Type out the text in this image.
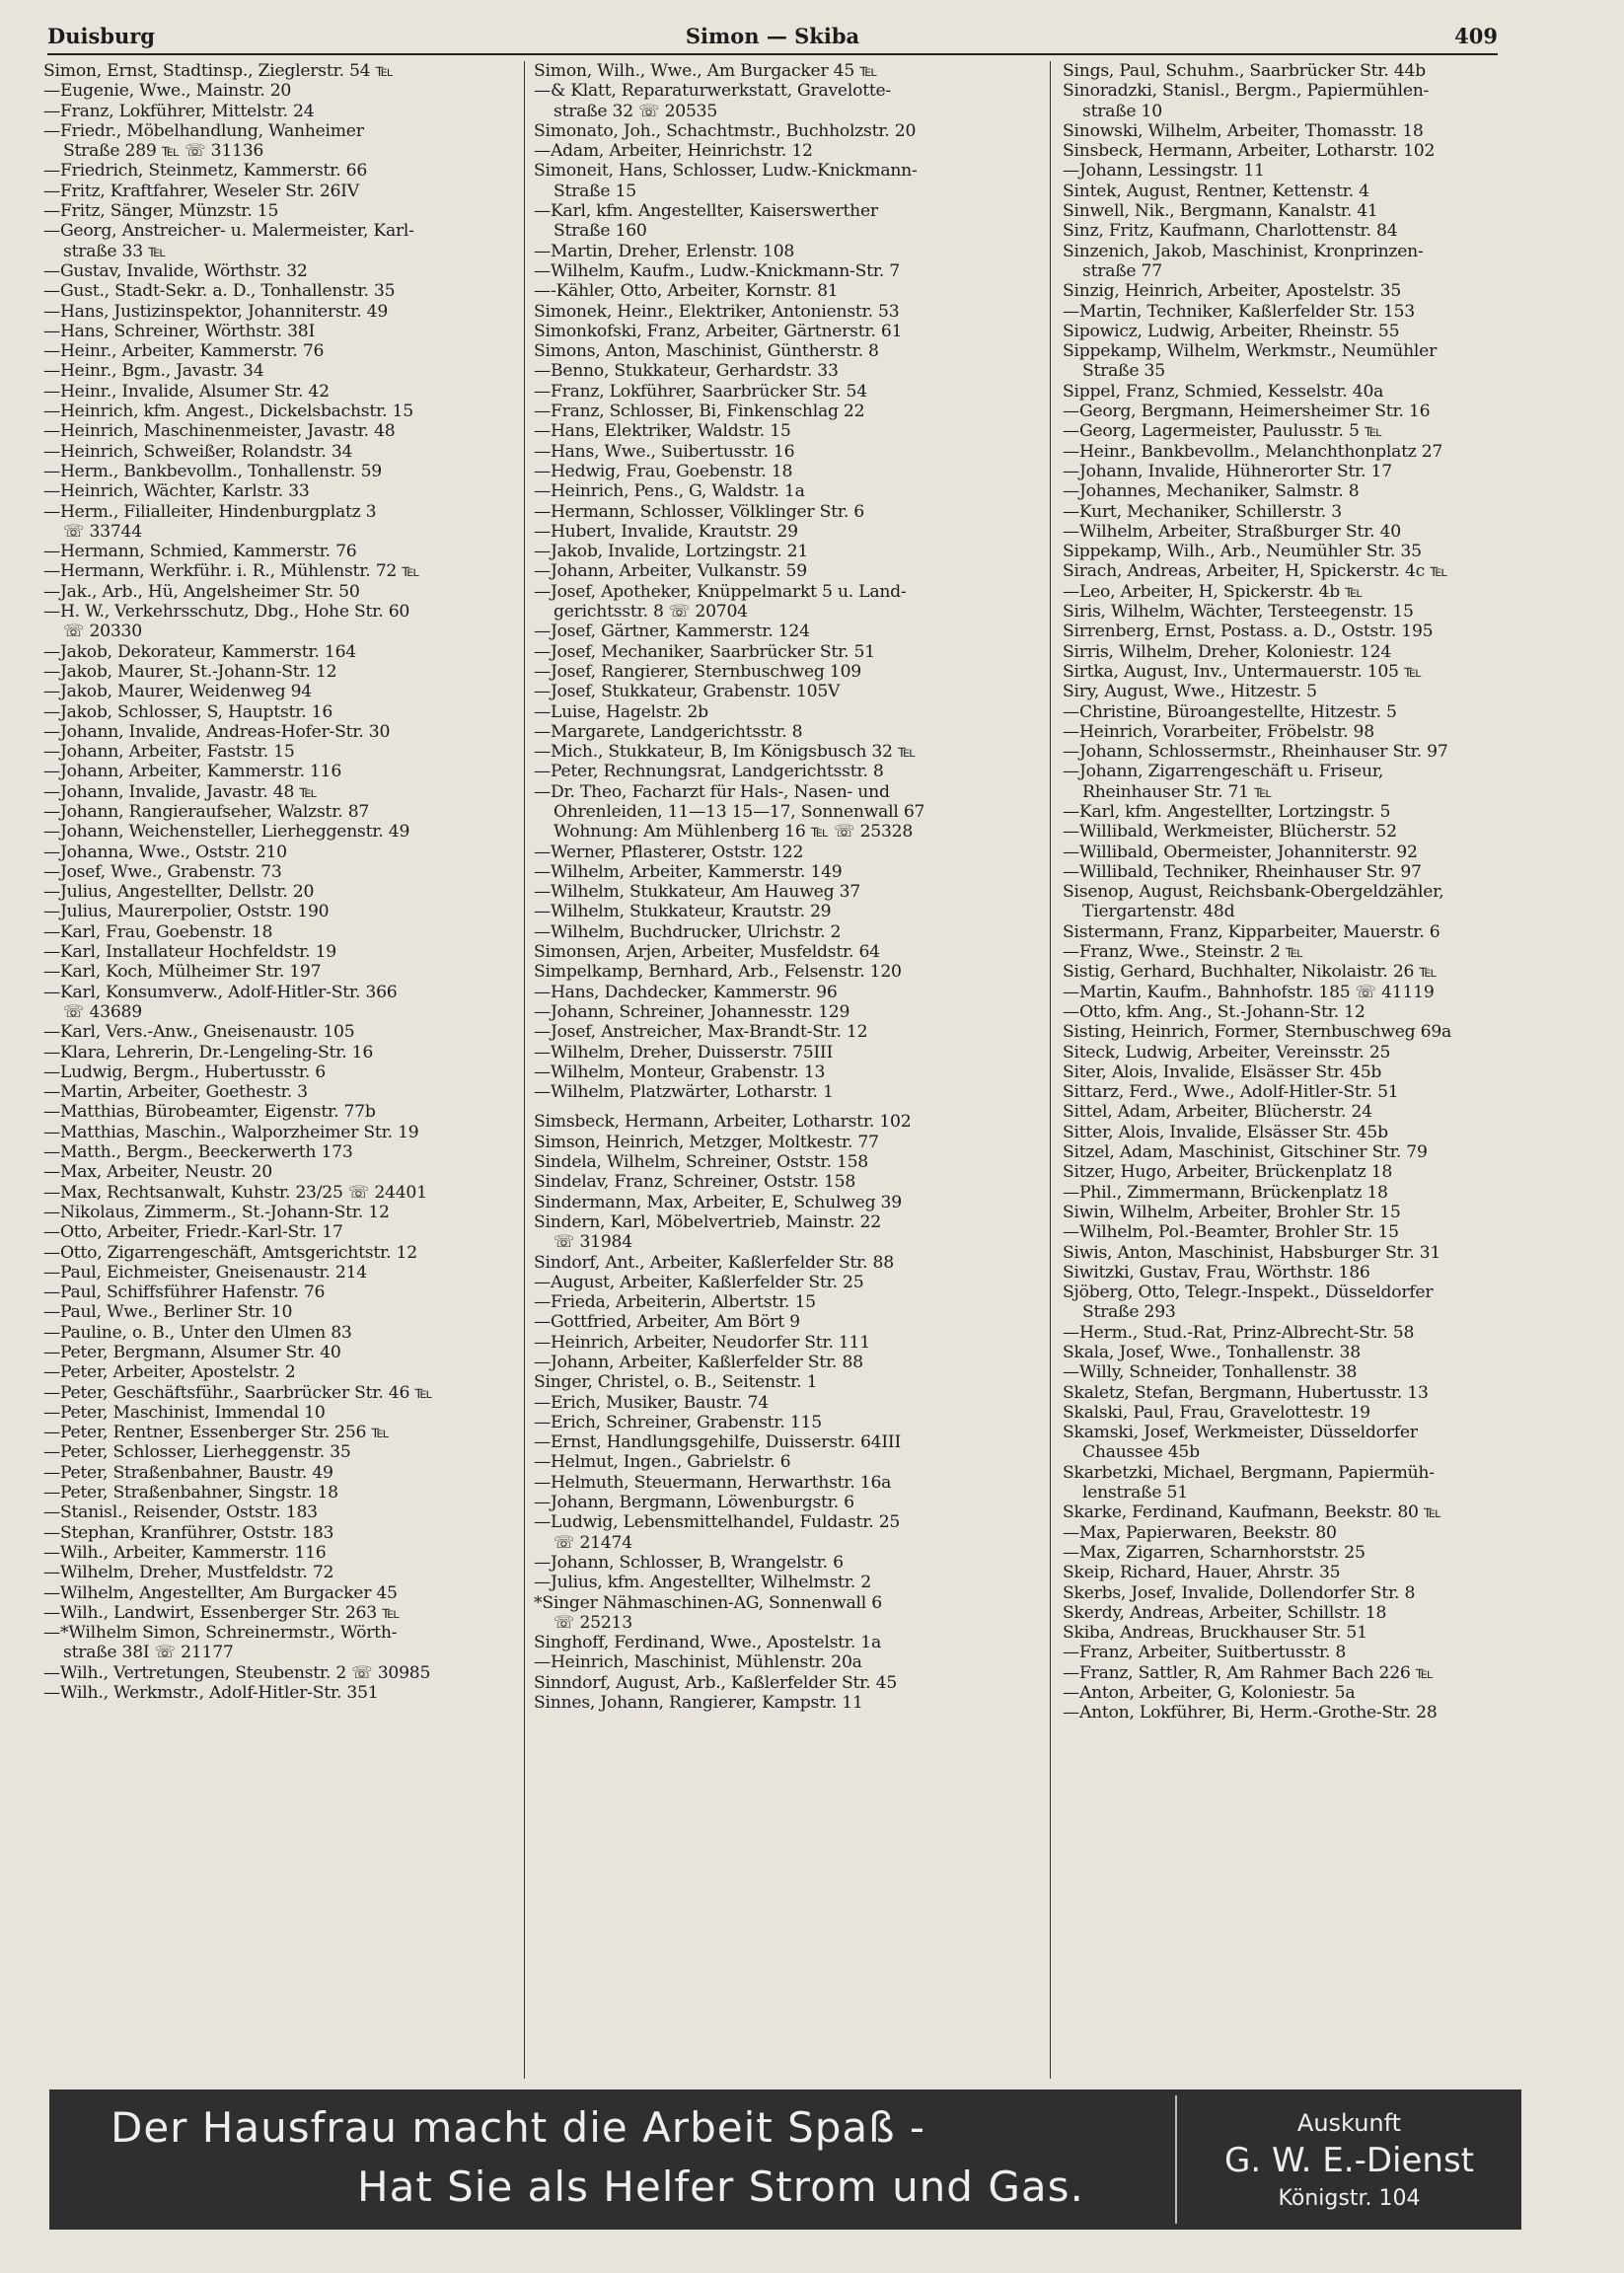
Duisburg	Simon — Skiba	409
Simon, Ernst, Stadtinsp., Zieglerstr. 54 ℡
—Eugenie, Wwe., Mainstr. 20
—Franz, Lokführer, Mittelstr. 24
—Friedr., Möbelhandlung, Wanheimer
Straße 289 ℡ ☏ 31136
—Friedrich, Steinmetz, Kammerstr. 66
—Fritz, Kraftfahrer, Weseler Str. 26IV
—Fritz, Sänger, Münzstr. 15
—Georg, Anstreicher- u. Malermeister, Karl-
straße 33 ℡
—Gustav, Invalide, Wörthstr. 32
—Gust., Stadt-Sekr. a. D., Tonhallenstr. 35
—Hans, Justizinspektor, Johanniterstr. 49
—Hans, Schreiner, Wörthstr. 38I
—Heinr., Arbeiter, Kammerstr. 76
—Heinr., Bgm., Javastr. 34
—Heinr., Invalide, Alsumer Str. 42
—Heinrich, kfm. Angest., Dickelsbachstr. 15
—Heinrich, Maschinenmeister, Javastr. 48
—Heinrich, Schweißer, Rolandstr. 34
—Herm., Bankbevollm., Tonhallenstr. 59
—Heinrich, Wächter, Karlstr. 33
—Herm., Filialleiter, Hindenburgplatz 3
☏ 33744
—Hermann, Schmied, Kammerstr. 76
—Hermann, Werkführ. i. R., Mühlenstr. 72 ℡
—Jak., Arb., Hü, Angelsheimer Str. 50
—H. W., Verkehrsschutz, Dbg., Hohe Str. 60
☏ 20330
—Jakob, Dekorateur, Kammerstr. 164
—Jakob, Maurer, St.-Johann-Str. 12
—Jakob, Maurer, Weidenweg 94
—Jakob, Schlosser, S, Hauptstr. 16
—Johann, Invalide, Andreas-Hofer-Str. 30
—Johann, Arbeiter, Faststr. 15
—Johann, Arbeiter, Kammerstr. 116
—Johann, Invalide, Javastr. 48 ℡
—Johann, Rangieraufseher, Walzstr. 87
—Johann, Weichensteller, Lierheggenstr. 49
—Johanna, Wwe., Oststr. 210
—Josef, Wwe., Grabenstr. 73
—Julius, Angestellter, Dellstr. 20
—Julius, Maurerpolier, Oststr. 190
—Karl, Frau, Goebenstr. 18
—Karl, Installateur Hochfeldstr. 19
—Karl, Koch, Mülheimer Str. 197
—Karl, Konsumverw., Adolf-Hitler-Str. 366
☏ 43689
—Karl, Vers.-Anw., Gneisenaustr. 105
—Klara, Lehrerin, Dr.-Lengeling-Str. 16
—Ludwig, Bergm., Hubertusstr. 6
—Martin, Arbeiter, Goethestr. 3
—Matthias, Bürobeamter, Eigenstr. 77b
—Matthias, Maschin., Walporzheimer Str. 19
—Matth., Bergm., Beeckerwerth 173
—Max, Arbeiter, Neustr. 20
—Max, Rechtsanwalt, Kuhstr. 23/25 ☏ 24401
—Nikolaus, Zimmerm., St.-Johann-Str. 12
—Otto, Arbeiter, Friedr.-Karl-Str. 17
—Otto, Zigarrengeschäft, Amtsgerichtstr. 12
—Paul, Eichmeister, Gneisenaustr. 214
—Paul, Schiffsführer Hafenstr. 76
—Paul, Wwe., Berliner Str. 10
—Pauline, o. B., Unter den Ulmen 83
—Peter, Bergmann, Alsumer Str. 40
—Peter, Arbeiter, Apostelstr. 2
—Peter, Geschäftsführ., Saarbrücker Str. 46 ℡
—Peter, Maschinist, Immendal 10
—Peter, Rentner, Essenberger Str. 256 ℡
—Peter, Schlosser, Lierheggenstr. 35
—Peter, Straßenbahner, Baustr. 49
—Peter, Straßenbahner, Singstr. 18
—Stanisl., Reisender, Oststr. 183
—Stephan, Kranführer, Oststr. 183
—Wilh., Arbeiter, Kammerstr. 116
—Wilhelm, Dreher, Mustfeldstr. 72
—Wilhelm, Angestellter, Am Burgacker 45
—Wilh., Landwirt, Essenberger Str. 263 ℡
—*Wilhelm Simon, Schreinermstr., Wörth-
straße 38I ☏ 21177
—Wilh., Vertretungen, Steubenstr. 2 ☏ 30985
—Wilh., Werkmstr., Adolf-Hitler-Str. 351
Simon, Wilh., Wwe., Am Burgacker 45 ℡
—& Klatt, Reparaturwerkstatt, Gravelotte-
straße 32 ☏ 20535
Simonato, Joh., Schachtmstr., Buchholzstr. 20
—Adam, Arbeiter, Heinrichstr. 12
Simoneit, Hans, Schlosser, Ludw.-Knickmann-
Straße 15
—Karl, kfm. Angestellter, Kaiserswerther
Straße 160
—Martin, Dreher, Erlenstr. 108
—Wilhelm, Kaufm., Ludw.-Knickmann-Str. 7
—-Kähler, Otto, Arbeiter, Kornstr. 81
Simonek, Heinr., Elektriker, Antonienstr. 53
Simonkofski, Franz, Arbeiter, Gärtnerstr. 61
Simons, Anton, Maschinist, Güntherstr. 8
—Benno, Stukkateur, Gerhardstr. 33
—Franz, Lokführer, Saarbrücker Str. 54
—Franz, Schlosser, Bi, Finkenschlag 22
—Hans, Elektriker, Waldstr. 15
—Hans, Wwe., Suibertusstr. 16
—Hedwig, Frau, Goebenstr. 18
—Heinrich, Pens., G, Waldstr. 1a
—Hermann, Schlosser, Völklinger Str. 6
—Hubert, Invalide, Krautstr. 29
—Jakob, Invalide, Lortzingstr. 21
—Johann, Arbeiter, Vulkanstr. 59
—Josef, Apotheker, Knüppelmarkt 5 u. Land-
gerichtsstr. 8 ☏ 20704
—Josef, Gärtner, Kammerstr. 124
—Josef, Mechaniker, Saarbrücker Str. 51
—Josef, Rangierer, Sternbuschweg 109
—Josef, Stukkateur, Grabenstr. 105V
—Luise, Hagelstr. 2b
—Margarete, Landgerichtsstr. 8
—Mich., Stukkateur, B, Im Königsbusch 32 ℡
—Peter, Rechnungsrat, Landgerichtsstr. 8
—Dr. Theo, Facharzt für Hals-, Nasen- und
Ohrenleiden, 11—13 15—17, Sonnenwall 67
Wohnung: Am Mühlenberg 16 ℡ ☏ 25328
—Werner, Pflasterer, Oststr. 122
—Wilhelm, Arbeiter, Kammerstr. 149
—Wilhelm, Stukkateur, Am Hauweg 37
—Wilhelm, Stukkateur, Krautstr. 29
—Wilhelm, Buchdrucker, Ulrichstr. 2
Simonsen, Arjen, Arbeiter, Musfeldstr. 64
Simpelkamp, Bernhard, Arb., Felsenstr. 120
—Hans, Dachdecker, Kammerstr. 96
—Johann, Schreiner, Johannesstr. 129
—Josef, Anstreicher, Max-Brandt-Str. 12
—Wilhelm, Dreher, Duisserstr. 75III
—Wilhelm, Monteur, Grabenstr. 13
—Wilhelm, Platzwärter, Lotharstr. 1
Simsbeck, Hermann, Arbeiter, Lotharstr. 102
Simson, Heinrich, Metzger, Moltkestr. 77
Sindela, Wilhelm, Schreiner, Oststr. 158
Sindelav, Franz, Schreiner, Oststr. 158
Sindermann, Max, Arbeiter, E, Schulweg 39
Sindern, Karl, Möbelvertrieb, Mainstr. 22
☏ 31984
Sindorf, Ant., Arbeiter, Kaßlerfelder Str. 88
—August, Arbeiter, Kaßlerfelder Str. 25
—Frieda, Arbeiterin, Albertstr. 15
—Gottfried, Arbeiter, Am Bört 9
—Heinrich, Arbeiter, Neudorfer Str. 111
—Johann, Arbeiter, Kaßlerfelder Str. 88
Singer, Christel, o. B., Seitenstr. 1
—Erich, Musiker, Baustr. 74
—Erich, Schreiner, Grabenstr. 115
—Ernst, Handlungsgehilfe, Duisserstr. 64III
—Helmut, Ingen., Gabrielstr. 6
—Helmuth, Steuermann, Herwarthstr. 16a
—Johann, Bergmann, Löwenburgstr. 6
—Ludwig, Lebensmittelhandel, Fuldastr. 25
☏ 21474
—Johann, Schlosser, B, Wrangelstr. 6
—Julius, kfm. Angestellter, Wilhelmstr. 2
*Singer Nähmaschinen-AG, Sonnenwall 6
☏ 25213
Singhoff, Ferdinand, Wwe., Apostelstr. 1a
—Heinrich, Maschinist, Mühlenstr. 20a
Sinndorf, August, Arb., Kaßlerfelder Str. 45
Sinnes, Johann, Rangierer, Kampstr. 11
Sings, Paul, Schuhm., Saarbrücker Str. 44b
Sinoradzki, Stanisl., Bergm., Papiermühlen-
straße 10
Sinowski, Wilhelm, Arbeiter, Thomasstr. 18
Sinsbeck, Hermann, Arbeiter, Lotharstr. 102
—Johann, Lessingstr. 11
Sintek, August, Rentner, Kettenstr. 4
Sinwell, Nik., Bergmann, Kanalstr. 41
Sinz, Fritz, Kaufmann, Charlottenstr. 84
Sinzenich, Jakob, Maschinist, Kronprinzen-
straße 77
Sinzig, Heinrich, Arbeiter, Apostelstr. 35
—Martin, Techniker, Kaßlerfelder Str. 153
Sipowicz, Ludwig, Arbeiter, Rheinstr. 55
Sippekamp, Wilhelm, Werkmstr., Neumühler
Straße 35
Sippel, Franz, Schmied, Kesselstr. 40a
—Georg, Bergmann, Heimersheimer Str. 16
—Georg, Lagermeister, Paulusstr. 5 ℡
—Heinr., Bankbevollm., Melanchthonplatz 27
—Johann, Invalide, Hühnerorter Str. 17
—Johannes, Mechaniker, Salmstr. 8
—Kurt, Mechaniker, Schillerstr. 3
—Wilhelm, Arbeiter, Straßburger Str. 40
Sippekamp, Wilh., Arb., Neumühler Str. 35
Sirach, Andreas, Arbeiter, H, Spickerstr. 4c ℡
—Leo, Arbeiter, H, Spickerstr. 4b ℡
Siris, Wilhelm, Wächter, Tersteegenstr. 15
Sirrenberg, Ernst, Postass. a. D., Oststr. 195
Sirris, Wilhelm, Dreher, Koloniestr. 124
Sirtka, August, Inv., Untermauerstr. 105 ℡
Siry, August, Wwe., Hitzestr. 5
—Christine, Büroangestellte, Hitzestr. 5
—Heinrich, Vorarbeiter, Fröbelstr. 98
—Johann, Schlossermstr., Rheinhauser Str. 97
—Johann, Zigarrengeschäft u. Friseur,
Rheinhauser Str. 71 ℡
—Karl, kfm. Angestellter, Lortzingstr. 5
—Willibald, Werkmeister, Blücherstr. 52
—Willibald, Obermeister, Johanniterstr. 92
—Willibald, Techniker, Rheinhauser Str. 97
Sisenop, August, Reichsbank-Obergeldzähler,
Tiergartenstr. 48d
Sistermann, Franz, Kipparbeiter, Mauerstr. 6
—Franz, Wwe., Steinstr. 2 ℡
Sistig, Gerhard, Buchhalter, Nikolaistr. 26 ℡
—Martin, Kaufm., Bahnhofstr. 185 ☏ 41119
—Otto, kfm. Ang., St.-Johann-Str. 12
Sisting, Heinrich, Former, Sternbuschweg 69a
Siteck, Ludwig, Arbeiter, Vereinsstr. 25
Siter, Alois, Invalide, Elsässer Str. 45b
Sittarz, Ferd., Wwe., Adolf-Hitler-Str. 51
Sittel, Adam, Arbeiter, Blücherstr. 24
Sitter, Alois, Invalide, Elsässer Str. 45b
Sitzel, Adam, Maschinist, Gitschiner Str. 79
Sitzer, Hugo, Arbeiter, Brückenplatz 18
—Phil., Zimmermann, Brückenplatz 18
Siwin, Wilhelm, Arbeiter, Brohler Str. 15
—Wilhelm, Pol.-Beamter, Brohler Str. 15
Siwis, Anton, Maschinist, Habsburger Str. 31
Siwitzki, Gustav, Frau, Wörthstr. 186
Sjöberg, Otto, Telegr.-Inspekt., Düsseldorfer
Straße 293
—Herm., Stud.-Rat, Prinz-Albrecht-Str. 58
Skala, Josef, Wwe., Tonhallenstr. 38
—Willy, Schneider, Tonhallenstr. 38
Skaletz, Stefan, Bergmann, Hubertusstr. 13
Skalski, Paul, Frau, Gravelottestr. 19
Skamski, Josef, Werkmeister, Düsseldorfer
Chaussee 45b
Skarbetzki, Michael, Bergmann, Papiermüh-
lenstraße 51
Skarke, Ferdinand, Kaufmann, Beekstr. 80 ℡
—Max, Papierwaren, Beekstr. 80
—Max, Zigarren, Scharnhorststr. 25
Skeip, Richard, Hauer, Ahrstr. 35
Skerbs, Josef, Invalide, Dollendorfer Str. 8
Skerdy, Andreas, Arbeiter, Schillstr. 18
Skiba, Andreas, Bruckhauser Str. 51
—Franz, Arbeiter, Suitbertusstr. 8
—Franz, Sattler, R, Am Rahmer Bach 226 ℡
—Anton, Arbeiter, G, Koloniestr. 5a
—Anton, Lokführer, Bi, Herm.-Grothe-Str. 28
Der Hausfrau macht die Arbeit Spaß -
Hat Sie als Helfer Strom und Gas.
Auskunft
G. W. E.-Dienst
Königstr. 104
